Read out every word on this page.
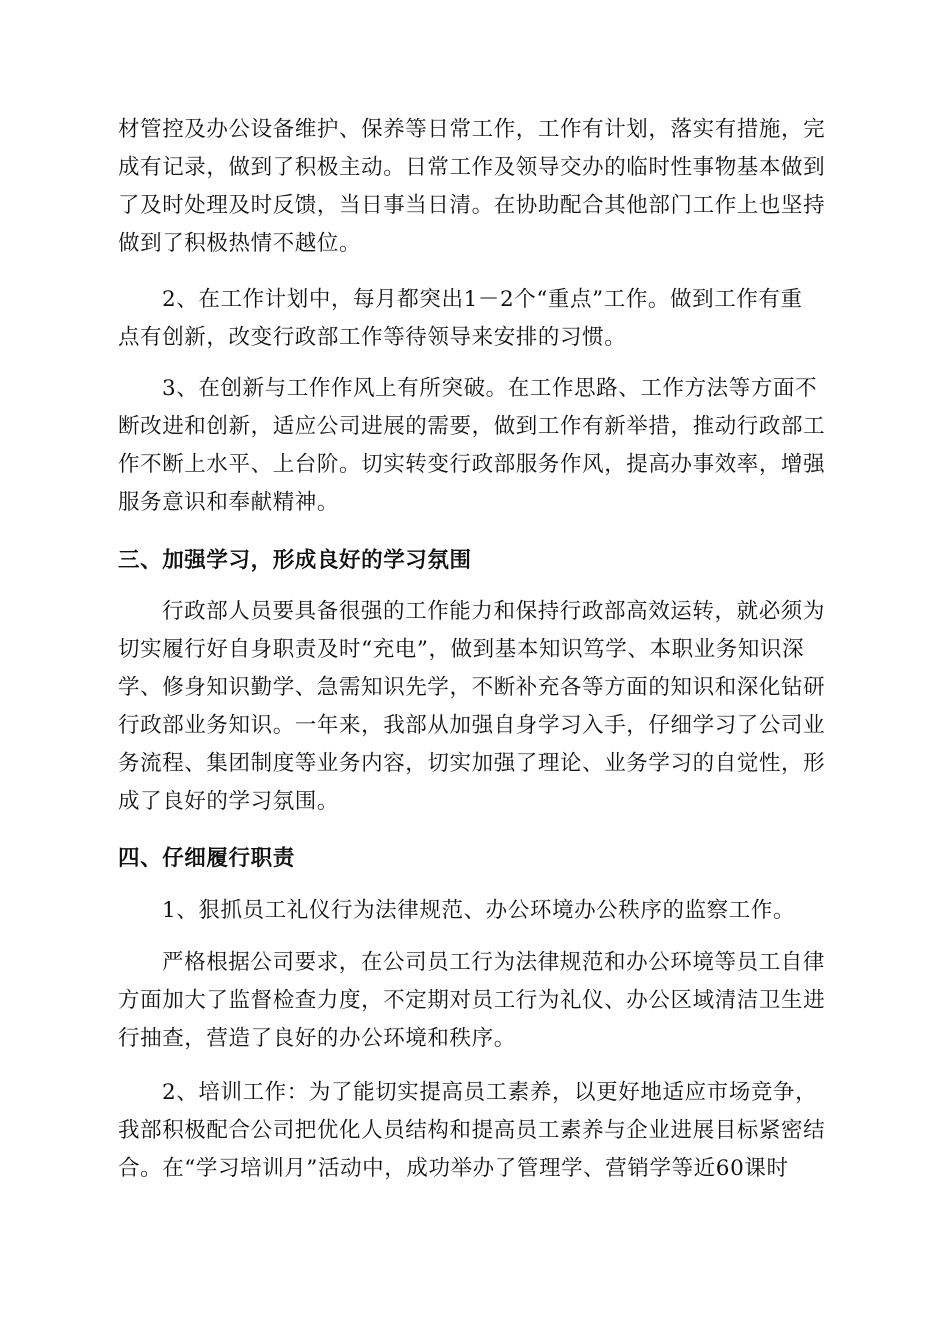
材管控及办公设备维护、保养等日常工作，工作有计划，落实有措施，完
成有记录，做到了积极主动。日常工作及领导交办的临时性事物基本做到
了及时处理及时反馈，当日事当日清。在协助配合其他部门工作上也坚持
做到了积极热情不越位。

2、在工作计划中，每月都突出1－2个“重点”工作。做到工作有重
点有创新，改变行政部工作等待领导来安排的习惯。

3、在创新与工作作风上有所突破。在工作思路、工作方法等方面不
断改进和创新，适应公司进展的需要，做到工作有新举措，推动行政部工
作不断上水平、上台阶。切实转变行政部服务作风，提高办事效率，增强
服务意识和奉献精神。

三、加强学习，形成良好的学习氛围

行政部人员要具备很强的工作能力和保持行政部高效运转，就必须为
切实履行好自身职责及时“充电”，做到基本知识笃学、本职业务知识深
学、修身知识勤学、急需知识先学，不断补充各等方面的知识和深化钻研
行政部业务知识。一年来，我部从加强自身学习入手，仔细学习了公司业
务流程、集团制度等业务内容，切实加强了理论、业务学习的自觉性，形
成了良好的学习氛围。

四、仔细履行职责

1、狠抓员工礼仪行为法律规范、办公环境办公秩序的监察工作。

严格根据公司要求，在公司员工行为法律规范和办公环境等员工自律
方面加大了监督检查力度，不定期对员工行为礼仪、办公区域清洁卫生进
行抽查，营造了良好的办公环境和秩序。

2、培训工作：为了能切实提高员工素养，以更好地适应市场竞争，
我部积极配合公司把优化人员结构和提高员工素养与企业进展目标紧密结
合。在“学习培训月”活动中，成功举办了管理学、营销学等近60课时
